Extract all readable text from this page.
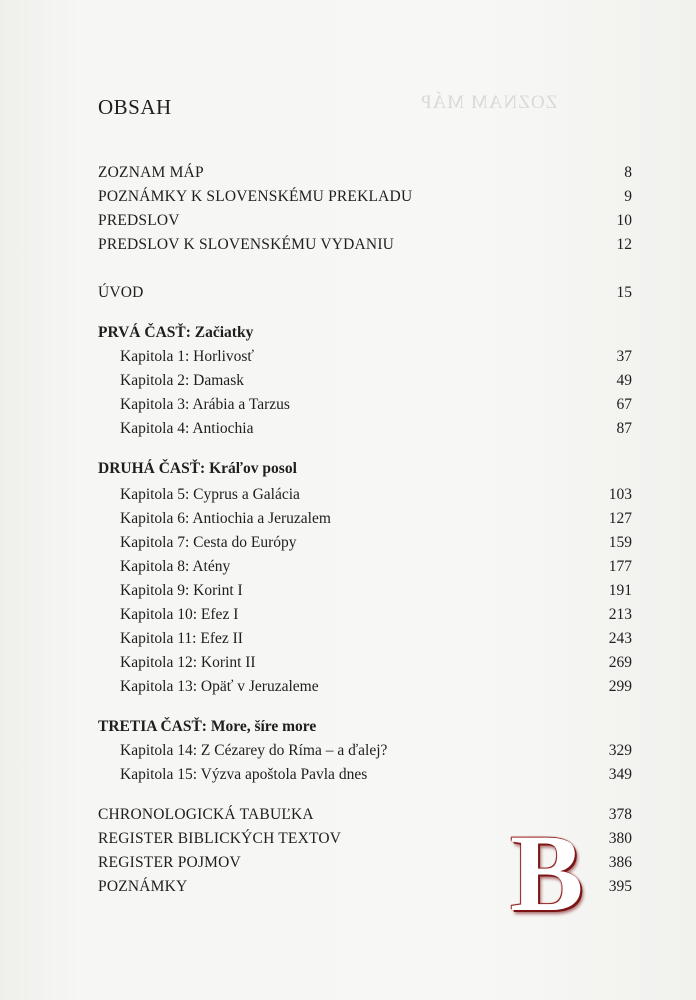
ZOZNAM MÁP
OBSAH
ZOZNAM MÁP	8
POZNÁMKY K SLOVENSKÉMU PREKLADU	9
PREDSLOV	10
PREDSLOV K SLOVENSKÉMU VYDANIU	12
ÚVOD	15
PRVÁ ČASŤ: Začiatky
Kapitola 1: Horlivosť	37
Kapitola 2: Damask	49
Kapitola 3: Arábia a Tarzus	67
Kapitola 4: Antiochia	87
DRUHÁ ČASŤ: Kráľov posol
Kapitola 5: Cyprus a Galácia	103
Kapitola 6: Antiochia a Jeruzalem	127
Kapitola 7: Cesta do Európy	159
Kapitola 8: Atény	177
Kapitola 9: Korint I	191
Kapitola 10: Efez I	213
Kapitola 11: Efez II	243
Kapitola 12: Korint II	269
Kapitola 13: Opäť v Jeruzaleme	299
TRETIA ČASŤ: More, šíre more
Kapitola 14: Z Cézarey do Ríma – a ďalej?	329
Kapitola 15: Výzva apoštola Pavla dnes	349
CHRONOLOGICKÁ TABUĽKA	378
REGISTER BIBLICKÝCH TEXTOV	380
REGISTER POJMOV	386
POZNÁMKY	395
B
